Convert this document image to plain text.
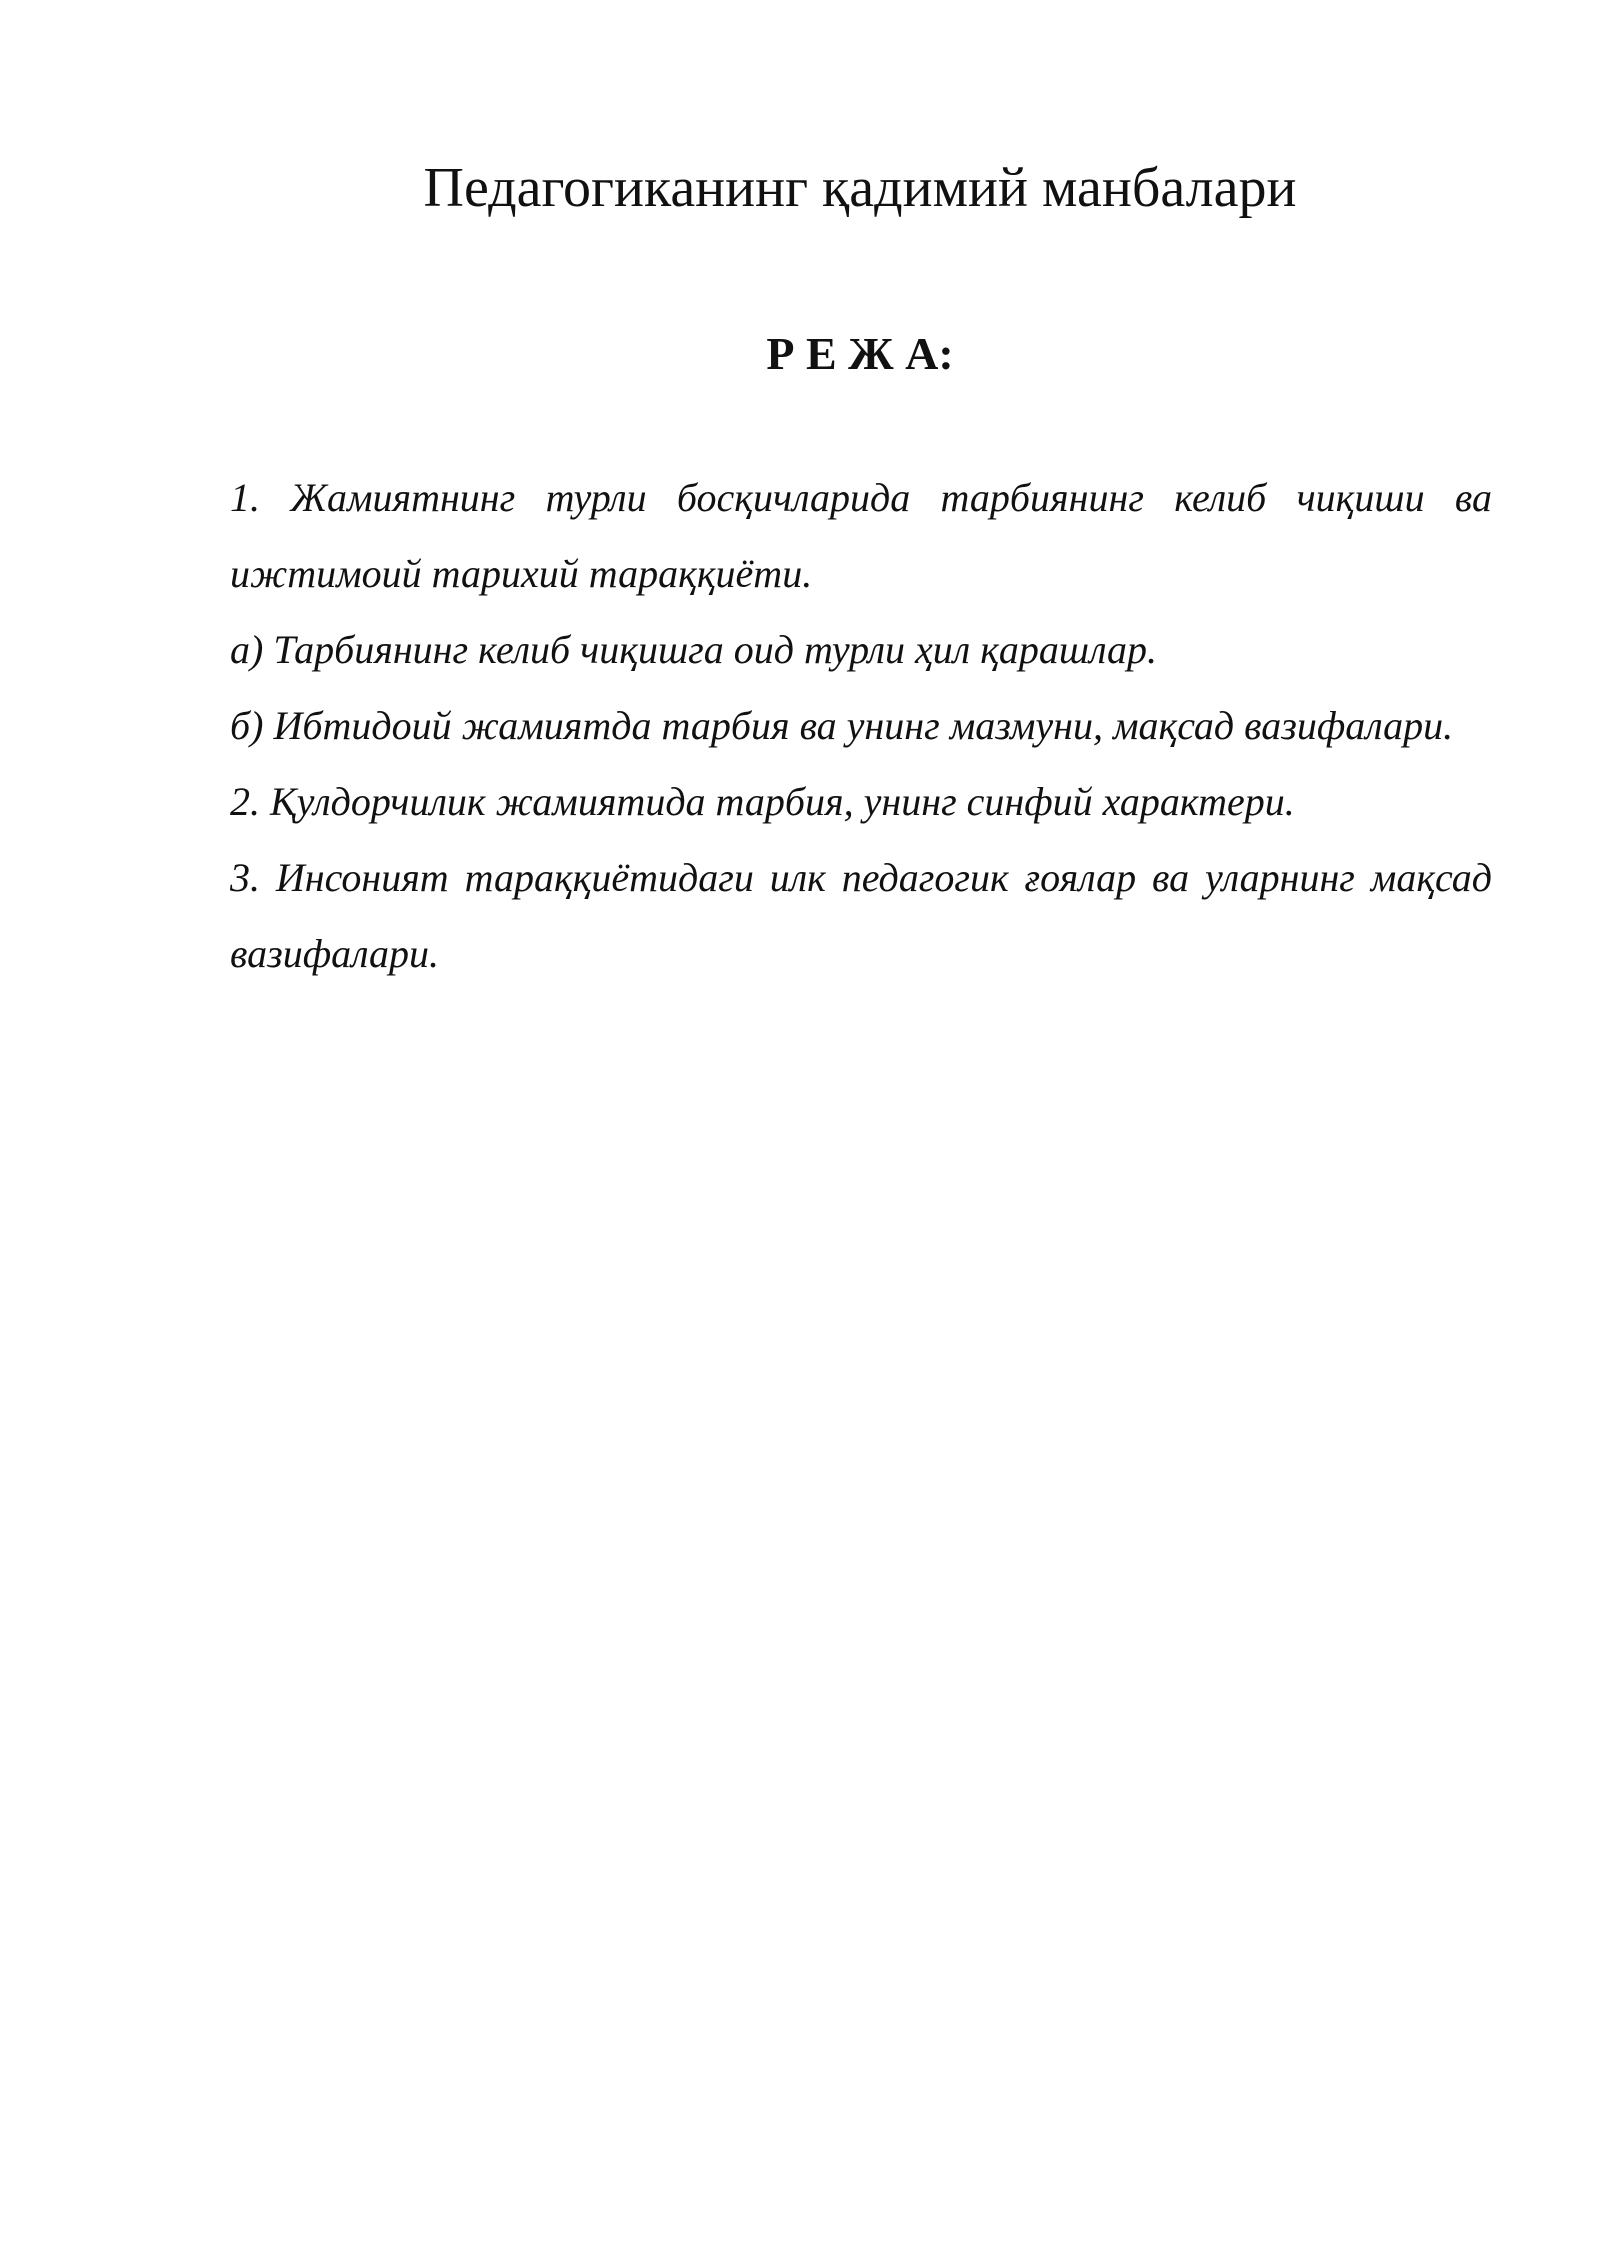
Педагогиканинг қадимий манбалари
Р Е Ж А:
1. Жамиятнинг турли босқичларида тарбиянинг келиб чиқиши ва ижтимоий тарихий тараққиёти.
а) Тарбиянинг келиб чиқишга оид турли ҳил қарашлар.
б) Ибтидоий жамиятда тарбия ва унинг мазмуни, мақсад вазифалари.
2. Қулдорчилик жамиятида тарбия, унинг синфий характери.
3. Инсоният тараққиётидаги илк педагогик ғоялар ва уларнинг мақсад вазифалари.
